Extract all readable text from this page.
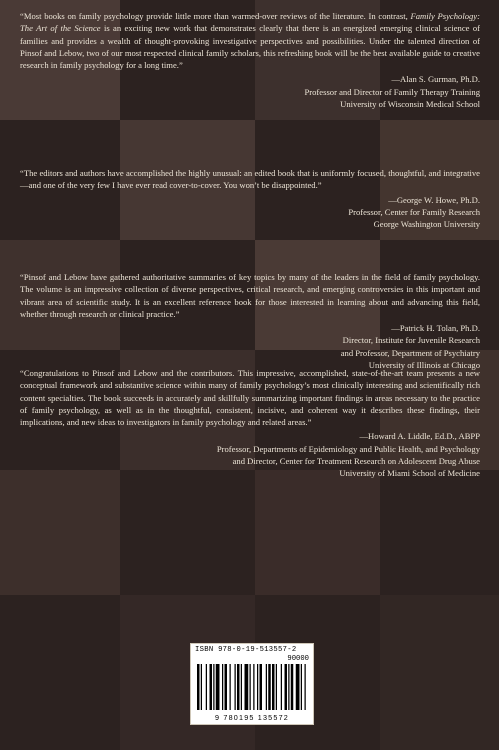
“Most books on family psychology provide little more than warmed-over reviews of the literature. In contrast, Family Psychology: The Art of the Science is an exciting new work that demonstrates clearly that there is an energized emerging clinical science of families and provides a wealth of thought-provoking investigative perspectives and possibilities. Under the talented direction of Pinsof and Lebow, two of our most respected clinical family scholars, this refreshing book will be the best available guide to creative research in family psychology for a long time.”

—Alan S. Gurman, Ph.D.
Professor and Director of Family Therapy Training
University of Wisconsin Medical School

“The editors and authors have accomplished the highly unusual: an edited book that is uniformly focused, thoughtful, and integrative—and one of the very few I have ever read cover-to-cover. You won’t be disappointed.”

—George W. Howe, Ph.D.
Professor, Center for Family Research
George Washington University

“Pinsof and Lebow have gathered authoritative summaries of key topics by many of the leaders in the field of family psychology. The volume is an impressive collection of diverse perspectives, critical research, and emerging controversies in this important and vibrant area of scientific study. It is an excellent reference book for those interested in learning about and advancing this field, whether through research or clinical practice.”

—Patrick H. Tolan, Ph.D.
Director, Institute for Juvenile Research
and Professor, Department of Psychiatry
University of Illinois at Chicago

“Congratulations to Pinsof and Lebow and the contributors. This impressive, accomplished, state-of-the-art team presents a new conceptual framework and substantive science within many of family psychology’s most clinically interesting and scientifically rich content specialties. The book succeeds in accurately and skillfully summarizing important findings in areas necessary to the practice of family psychology, as well as in the thoughtful, consistent, incisive, and coherent way it describes these findings, their implications, and new ideas to investigators in family psychology and related areas.”

—Howard A. Liddle, Ed.D., ABPP
Professor, Departments of Epidemiology and Public Health, and Psychology
and Director, Center for Treatment Research on Adolescent Drug Abuse
University of Miami School of Medicine
ISBN 978-0-19-513557-2
90000
9 780195 135572
